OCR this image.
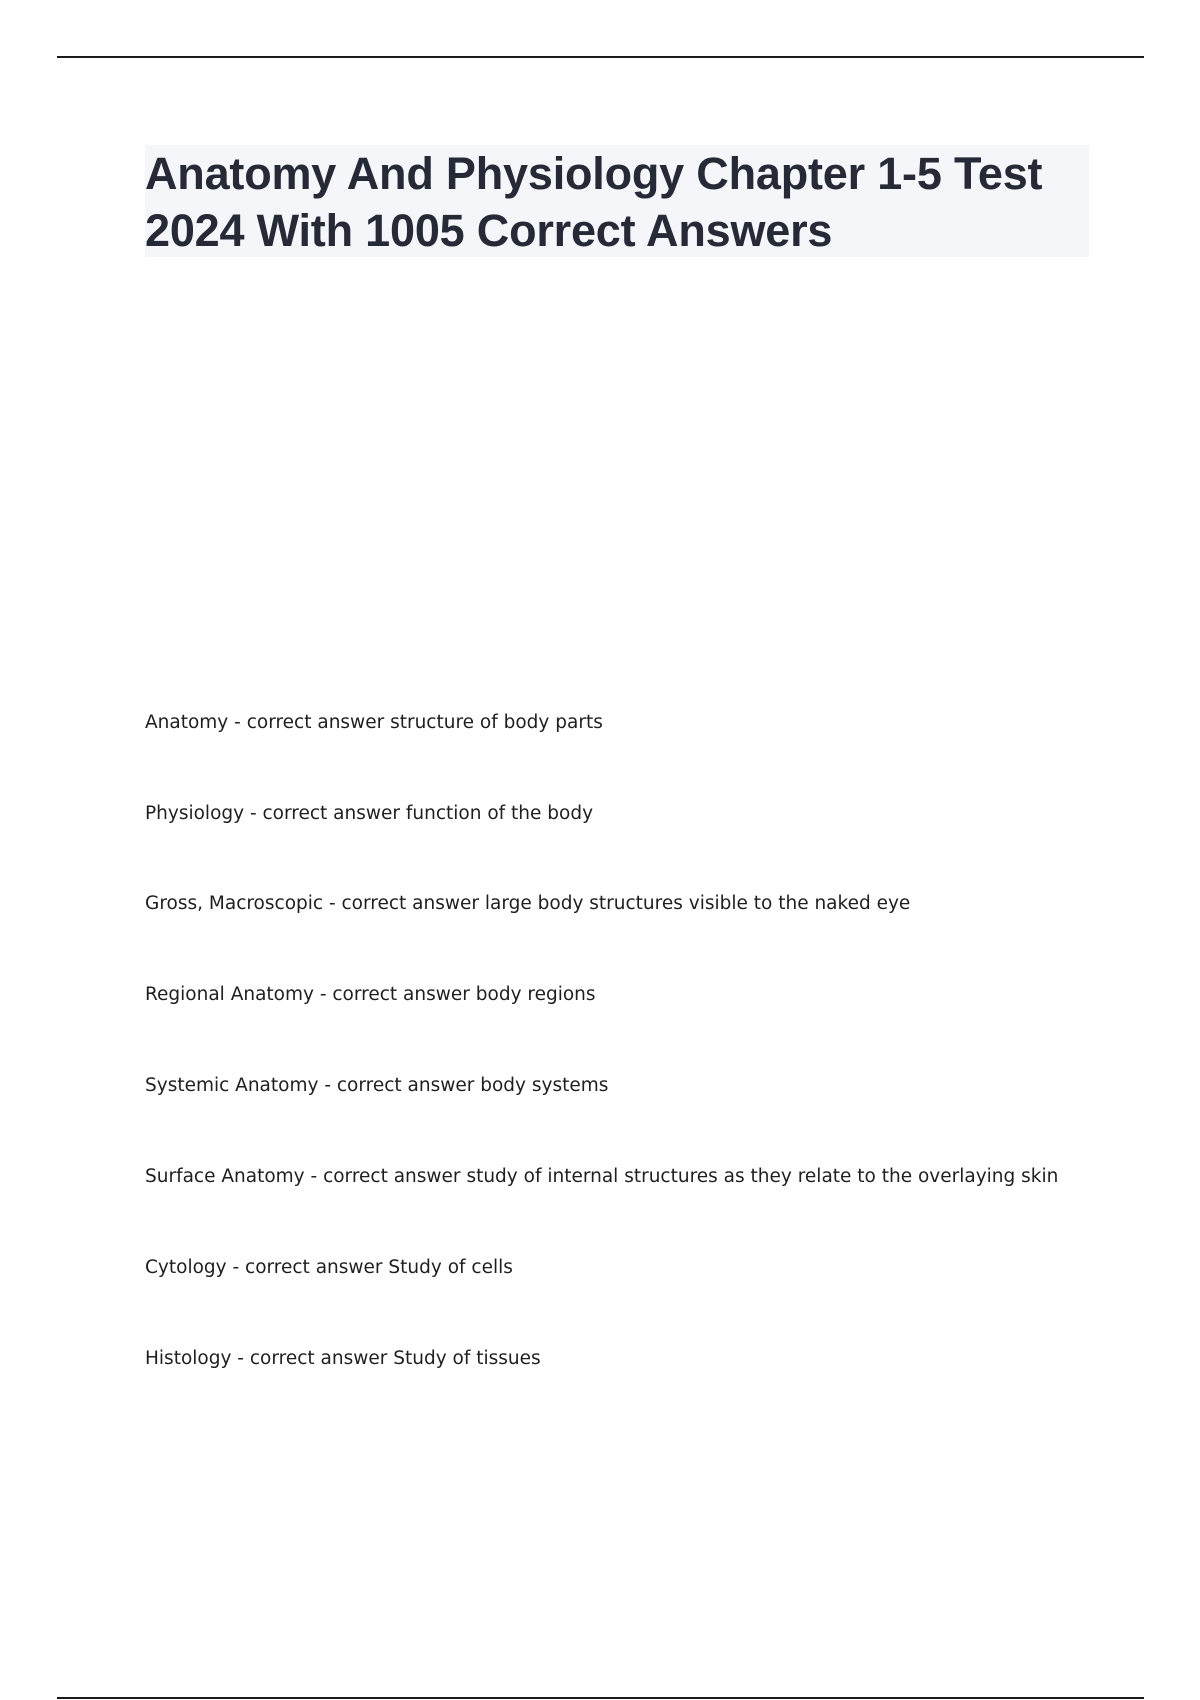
Anatomy And Physiology Chapter 1-5 Test 2024 With 1005 Correct Answers
Anatomy - correct answer structure of body parts
Physiology - correct answer function of the body
Gross, Macroscopic - correct answer large body structures visible to the naked eye
Regional Anatomy - correct answer body regions
Systemic Anatomy - correct answer body systems
Surface Anatomy - correct answer study of internal structures as they relate to the overlaying skin
Cytology - correct answer Study of cells
Histology - correct answer Study of tissues
